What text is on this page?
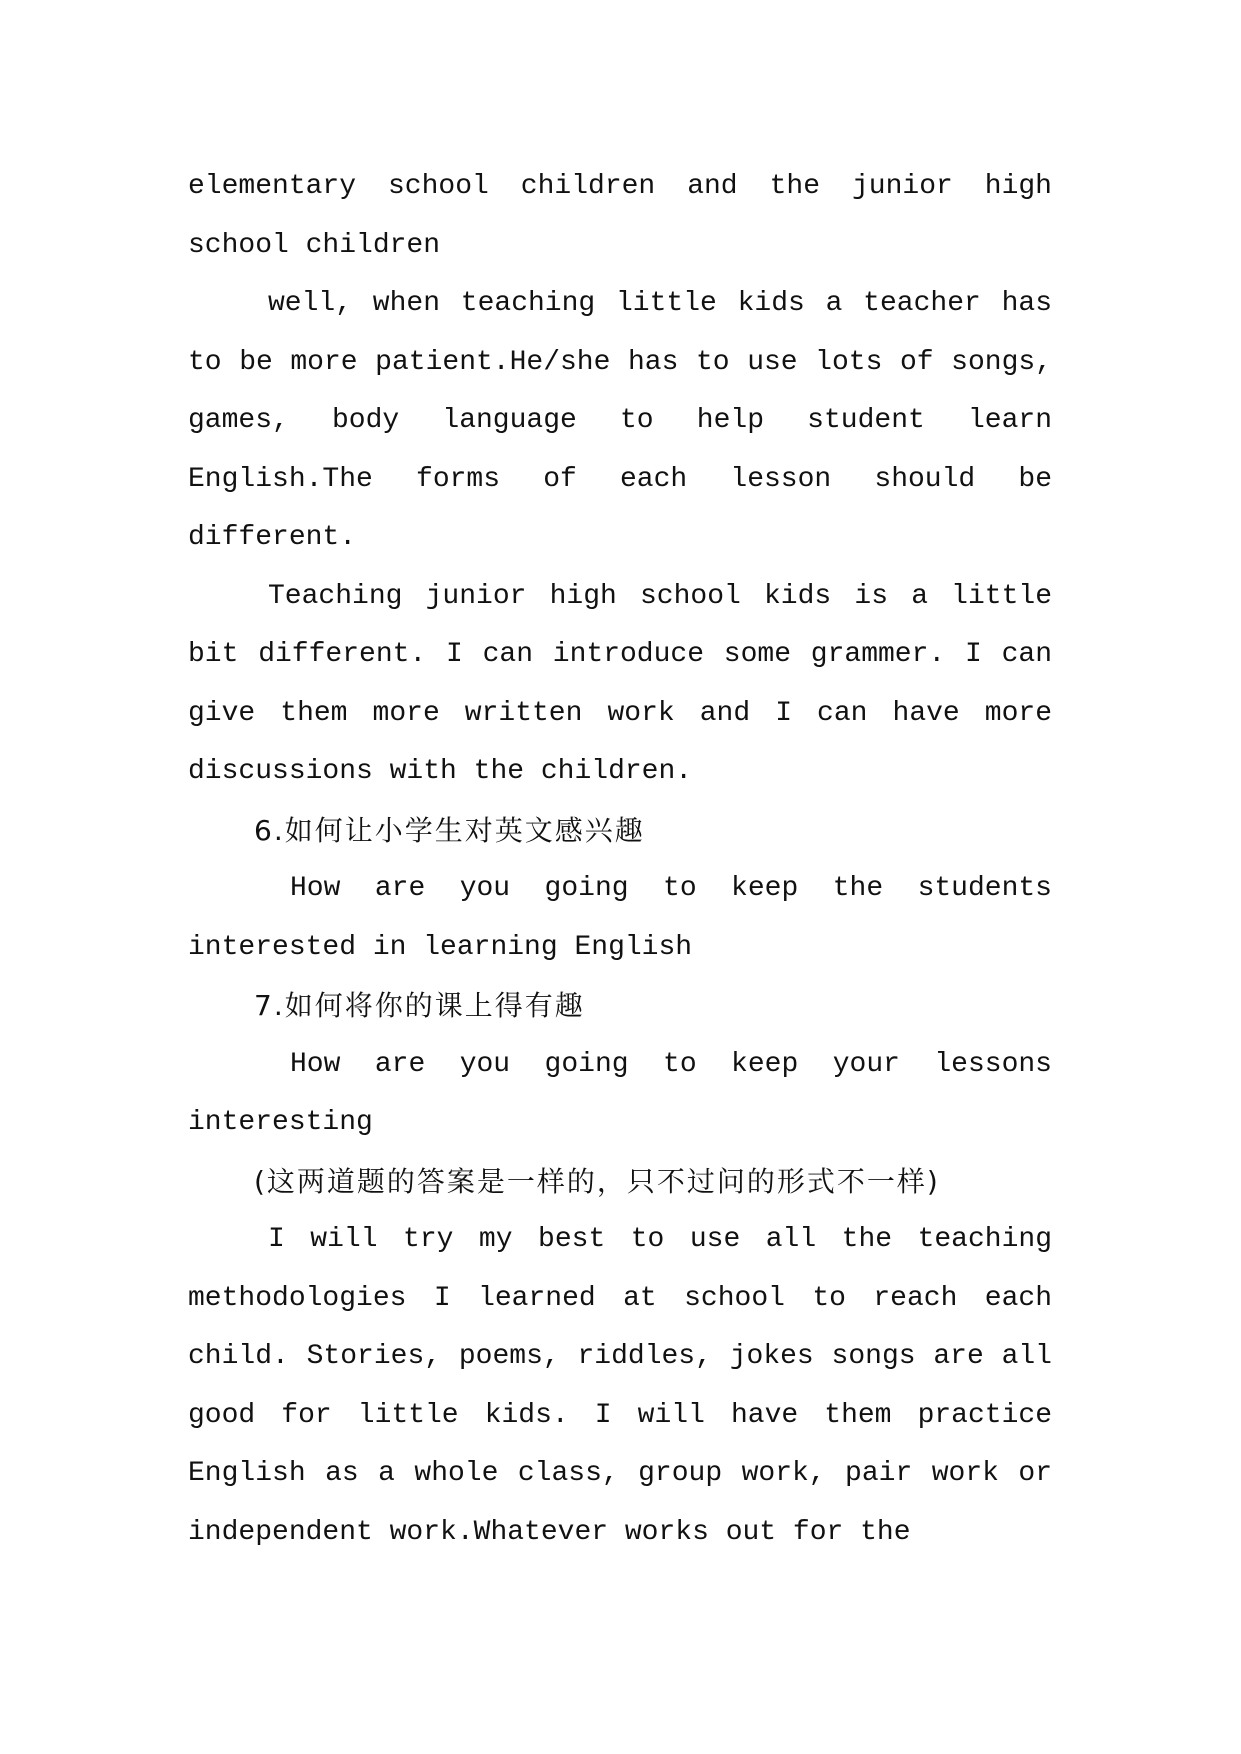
elementary school children and the junior high school children

well, when teaching little kids a teacher has to be more patient.He/she has to use lots of songs, games, body language to help student learn English.The forms of each lesson should be different.

Teaching junior high school kids is a little bit different. I can introduce some grammer. I can give them more written work and I can have more discussions with the children.

6.如何让小学生对英文感兴趣

How are you going to keep the students interested in learning English

7.如何将你的课上得有趣

How are you going to keep your lessons interesting

(这两道题的答案是一样的，只不过问的形式不一样)

I will try my best to use all the teaching methodologies I learned at school to reach each child. Stories, poems, riddles, jokes songs are all good for little kids. I will have them practice English as a whole class, group work, pair work or independent work.Whatever works out for the
